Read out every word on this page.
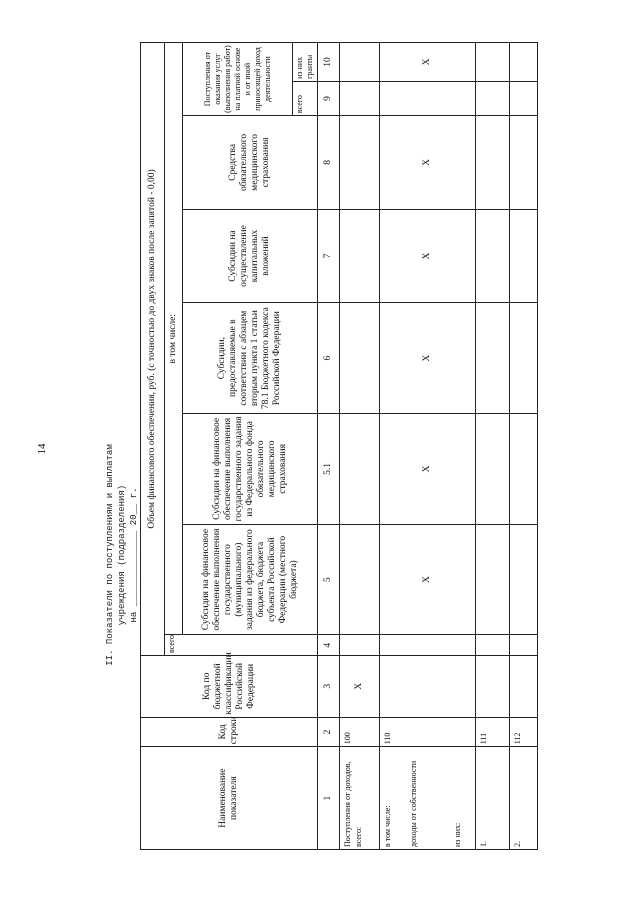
14	II. Показатели по поступлениям и выплатам учреждения (подразделения) на ______________ 20__ г.
Наименование показателя	Код строки	Код по бюджетной классификации Российской Федерации	Объем финансового обеспечения, руб. (с точностью до двух знаков после запятой - 0,00)							
			всего	в том числе:						
				Субсидия на финансовое обеспечение выполнения государственного (муниципального) задания из федерального бюджета, бюджета субъекта Российской Федерации (местного бюджета)	Субсидии на финансовое обеспечение выполнения государственного задания из Федерального фонда обязательного медицинского страхования	Субсидии, предоставляемые в соответствии с абзацем вторым пункта 1 статьи 78.1 Бюджетного кодекса Российской Федерации	Субсидии на осуществление капитальных вложений	Средства обязательного медицинского страхования	Поступления от оказания услуг (выполнения работ) на платной основе и от иной приносящей доход деятельности	
									всего	из них гранты
1	2	3	4	5	5.1	6	7	8	9	10
Поступления от доходов, всего:	100	X								
в том числе:	110			X	X	X	X	X		X
доходы от собственности										
из них:										
1.	111									
2.	112									
